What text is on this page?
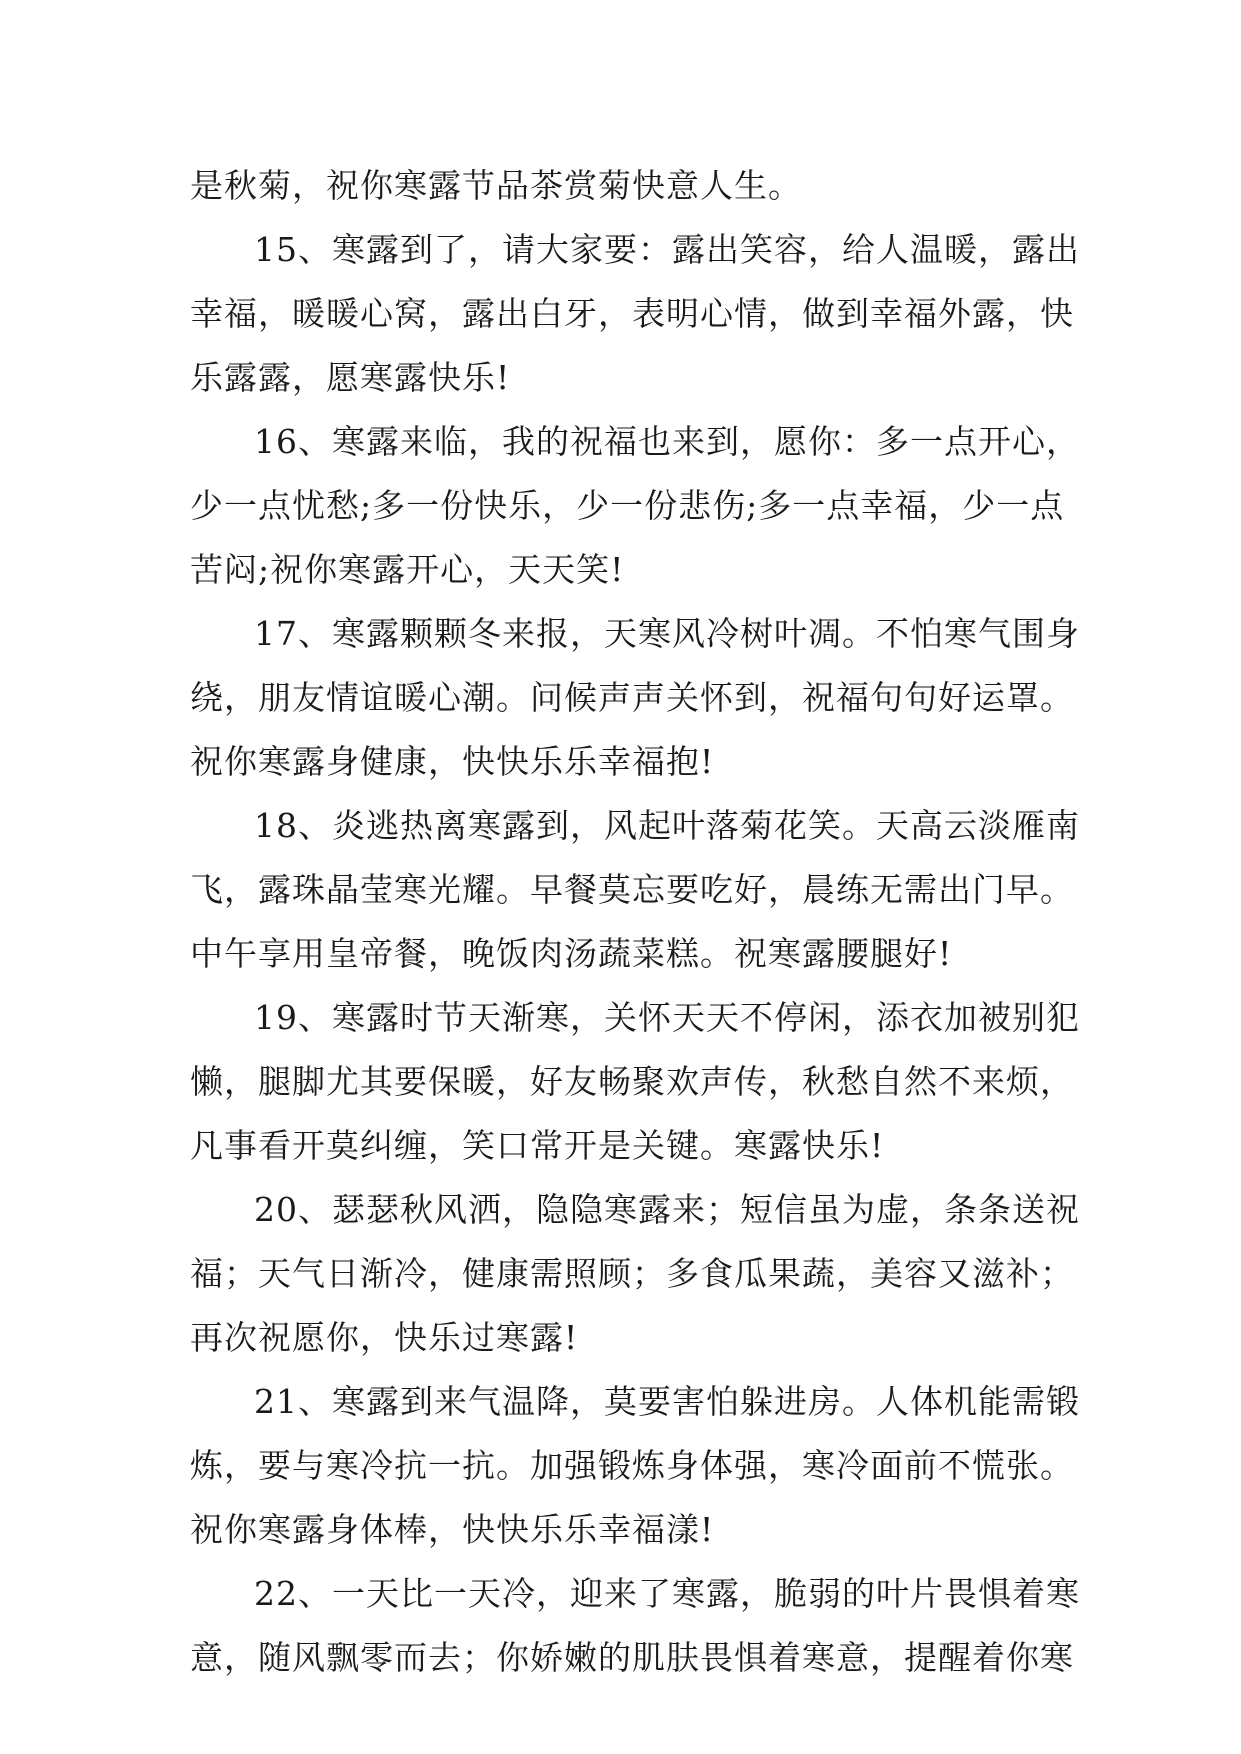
是秋菊，祝你寒露节品茶赏菊快意人生。
15、寒露到了，请大家要：露出笑容，给人温暖，露出
幸福，暖暖心窝，露出白牙，表明心情，做到幸福外露，快
乐露露，愿寒露快乐!
16、寒露来临，我的祝福也来到，愿你：多一点开心，
少一点忧愁;多一份快乐，少一份悲伤;多一点幸福，少一点
苦闷;祝你寒露开心，天天笑!
17、寒露颗颗冬来报，天寒风冷树叶凋。不怕寒气围身
绕，朋友情谊暖心潮。问候声声关怀到，祝福句句好运罩。
祝你寒露身健康，快快乐乐幸福抱!
18、炎逃热离寒露到，风起叶落菊花笑。天高云淡雁南
飞，露珠晶莹寒光耀。早餐莫忘要吃好，晨练无需出门早。
中午享用皇帝餐，晚饭肉汤蔬菜糕。祝寒露腰腿好!
19、寒露时节天渐寒，关怀天天不停闲，添衣加被别犯
懒，腿脚尤其要保暖，好友畅聚欢声传，秋愁自然不来烦，
凡事看开莫纠缠，笑口常开是关键。寒露快乐!
20、瑟瑟秋风洒，隐隐寒露来；短信虽为虚，条条送祝
福；天气日渐冷，健康需照顾；多食瓜果蔬，美容又滋补；
再次祝愿你，快乐过寒露!
21、寒露到来气温降，莫要害怕躲进房。人体机能需锻
炼，要与寒冷抗一抗。加强锻炼身体强，寒冷面前不慌张。
祝你寒露身体棒，快快乐乐幸福漾!
22、一天比一天冷，迎来了寒露，脆弱的叶片畏惧着寒
意，随风飘零而去；你娇嫩的肌肤畏惧着寒意，提醒着你寒
